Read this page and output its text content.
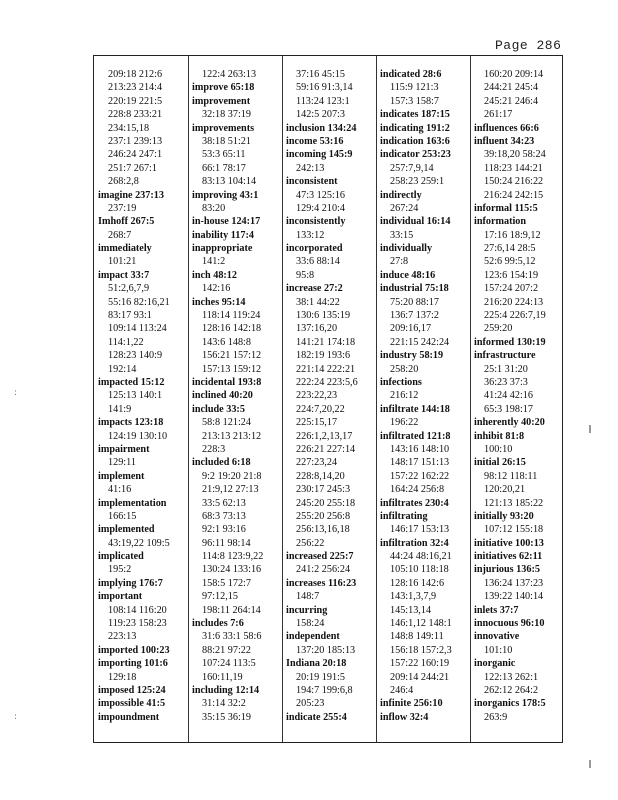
Page 286
:
:
209:18 212:6
213:23 214:4
220:19 221:5
228:8 233:21
234:15,18
237:1 239:13
246:24 247:1
251:7 267:1
268:2,8
imagine 237:13
237:19
Imhoff 267:5
268:7
immediately
101:21
impact 33:7
51:2,6,7,9
55:16 82:16,21
83:17 93:1
109:14 113:24
114:1,22
128:23 140:9
192:14
impacted 15:12
125:13 140:1
141:9
impacts 123:18
124:19 130:10
impairment
129:11
implement
41:16
implementation
166:15
implemented
43:19,22 109:5
implicated
195:2
implying 176:7
important
108:14 116:20
119:23 158:23
223:13
imported 100:23
importing 101:6
129:18
imposed 125:24
impossible 41:5
impoundment
122:4 263:13
improve 65:18
improvement
32:18 37:19
improvements
38:18 51:21
53:3 65:11
66:1 78:17
83:13 104:14
improving 43:1
83:20
in-house 124:17
inability 117:4
inappropriate
141:2
inch 48:12
142:16
inches 95:14
118:14 119:24
128:16 142:18
143:6 148:8
156:21 157:12
157:13 159:12
incidental 193:8
inclined 40:20
include 33:5
58:8 121:24
213:13 213:12
228:3
included 6:18
9:2 19:20 21:8
21:9,12 27:13
33:5 62:13
68:3 73:13
92:1 93:16
96:11 98:14
114:8 123:9,22
130:24 133:16
158:5 172:7
97:12,15
198:11 264:14
includes 7:6
31:6 33:1 58:6
88:21 97:22
107:24 113:5
160:11,19
including 12:14
31:14 32:2
35:15 36:19
37:16 45:15
59:16 91:3,14
113:24 123:1
142:5 207:3
inclusion 134:24
income 53:16
incoming 145:9
242:13
inconsistent
47:3 125:16
129:4 210:4
inconsistently
133:12
incorporated
33:6 88:14
95:8
increase 27:2
38:1 44:22
130:6 135:19
137:16,20
141:21 174:18
182:19 193:6
221:14 222:21
222:24 223:5,6
223:22,23
224:7,20,22
225:15,17
226:1,2,13,17
226:21 227:14
227:23,24
228:8,14,20
230:17 245:3
245:20 255:18
255:20 256:8
256:13,16,18
256:22
increased 225:7
241:2 256:24
increases 116:23
148:7
incurring
158:24
independent
137:20 185:13
Indiana 20:18
20:19 191:5
194:7 199:6,8
205:23
indicate 255:4
indicated 28:6
115:9 121:3
157:3 158:7
indicates 187:15
indicating 191:2
indication 163:6
indicator 253:23
257:7,9,14
258:23 259:1
indirectly
267:24
individual 16:14
33:15
individually
27:8
induce 48:16
industrial 75:18
75:20 88:17
136:7 137:2
209:16,17
221:15 242:24
industry 58:19
258:20
infections
216:12
infiltrate 144:18
196:22
infiltrated 121:8
143:16 148:10
148:17 151:13
157:22 162:22
164:24 256:8
infiltrates 230:4
infiltrating
146:17 153:13
infiltration 32:4
44:24 48:16,21
105:10 118:18
128:16 142:6
143:1,3,7,9
145:13,14
146:1,12 148:1
148:8 149:11
156:18 157:2,3
157:22 160:19
209:14 244:21
246:4
infinite 256:10
inflow 32:4
160:20 209:14
244:21 245:4
245:21 246:4
261:17
influences 66:6
influent 34:23
39:18,20 58:24
118:23 144:21
150:24 216:22
216:24 242:15
informal 115:5
information
17:16 18:9,12
27:6,14 28:5
52:6 99:5,12
123:6 154:19
157:24 207:2
216:20 224:13
225:4 226:7,19
259:20
informed 130:19
infrastructure
25:1 31:20
36:23 37:3
41:24 42:16
65:3 198:17
inherently 40:20
inhibit 81:8
100:10
initial 26:15
98:12 118:11
120:20,21
121:13 185:22
initially 93:20
107:12 155:18
initiative 100:13
initiatives 62:11
injurious 136:5
136:24 137:23
139:22 140:14
inlets 37:7
innocuous 96:10
innovative
101:10
inorganic
122:13 262:1
262:12 264:2
inorganics 178:5
263:9
